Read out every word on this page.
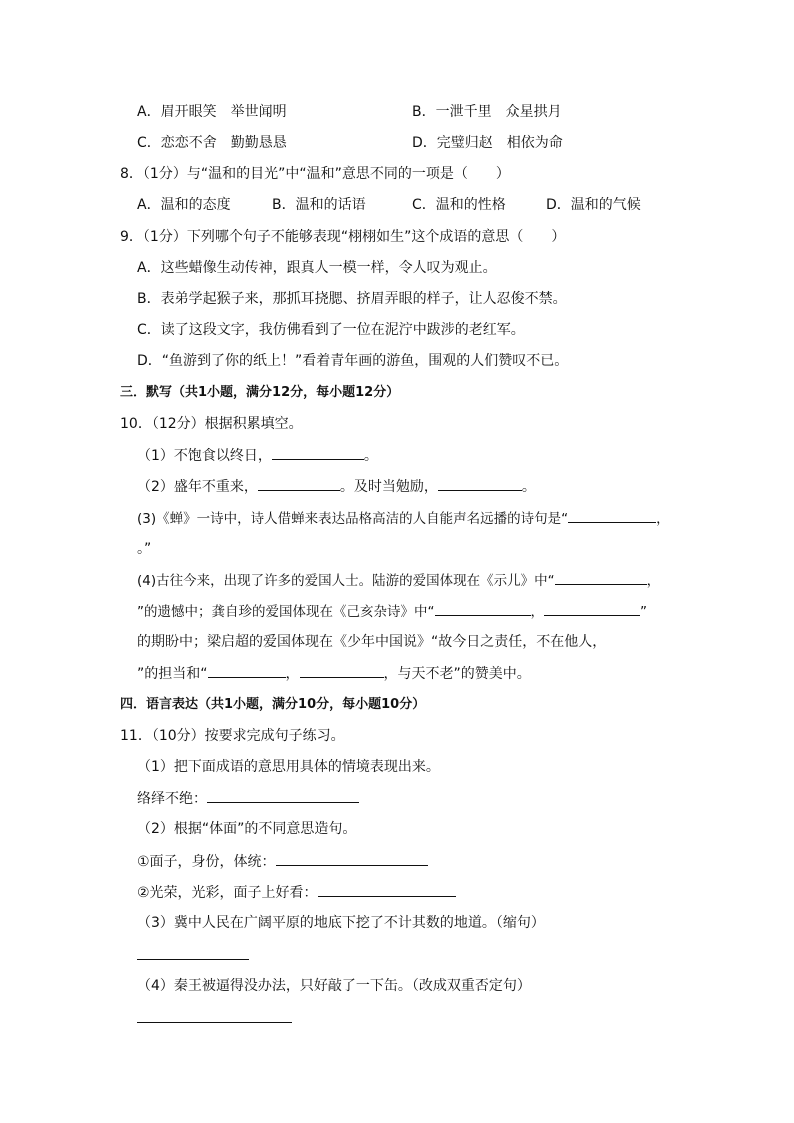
A．眉开眼笑　举世闻明	B．一泄千里　众星拱月
C．恋恋不舍　勤勤恳恳	D．完璧归赵　相依为命
8．（1分）与“温和的目光”中“温和”意思不同的一项是（　　）
A．温和的态度	B．温和的话语	C．温和的性格	D．温和的气候
9．（1分）下列哪个句子不能够表现“栩栩如生”这个成语的意思（　　）
A．这些蜡像生动传神，跟真人一模一样，令人叹为观止。
B．表弟学起猴子来，那抓耳挠腮、挤眉弄眼的样子，让人忍俊不禁。
C．读了这段文字，我仿佛看到了一位在泥泞中跋涉的老红军。
D．“鱼游到了你的纸上！”看着青年画的游鱼，围观的人们赞叹不已。
三．默写（共1小题，满分12分，每小题12分）
10．（12分）根据积累填空。
（1）不饱食以终日，	。
（2）盛年不重来，	。及时当勉励，	。
(3)《蝉》一诗中，诗人借蝉来表达品格高洁的人自能声名远播的诗句是“	，
。”
(4)古往今来，出现了许多的爱国人士。陆游的爱国体现在《示儿》中“	，
”的遗憾中；龚自珍的爱国体现在《己亥杂诗》中“	，	”
的期盼中；梁启超的爱国体现在《少年中国说》“故今日之责任，不在他人，
”的担当和“	，	，与天不老”的赞美中。
四．语言表达（共1小题，满分10分，每小题10分）
11．（10分）按要求完成句子练习。
（1）把下面成语的意思用具体的情境表现出来。
络绎不绝：
（2）根据“体面”的不同意思造句。
①面子，身份，体统：
②光荣，光彩，面子上好看：
（3）冀中人民在广阔平原的地底下挖了不计其数的地道。（缩句）
（4）秦王被逼得没办法，只好敲了一下缶。（改成双重否定句）
